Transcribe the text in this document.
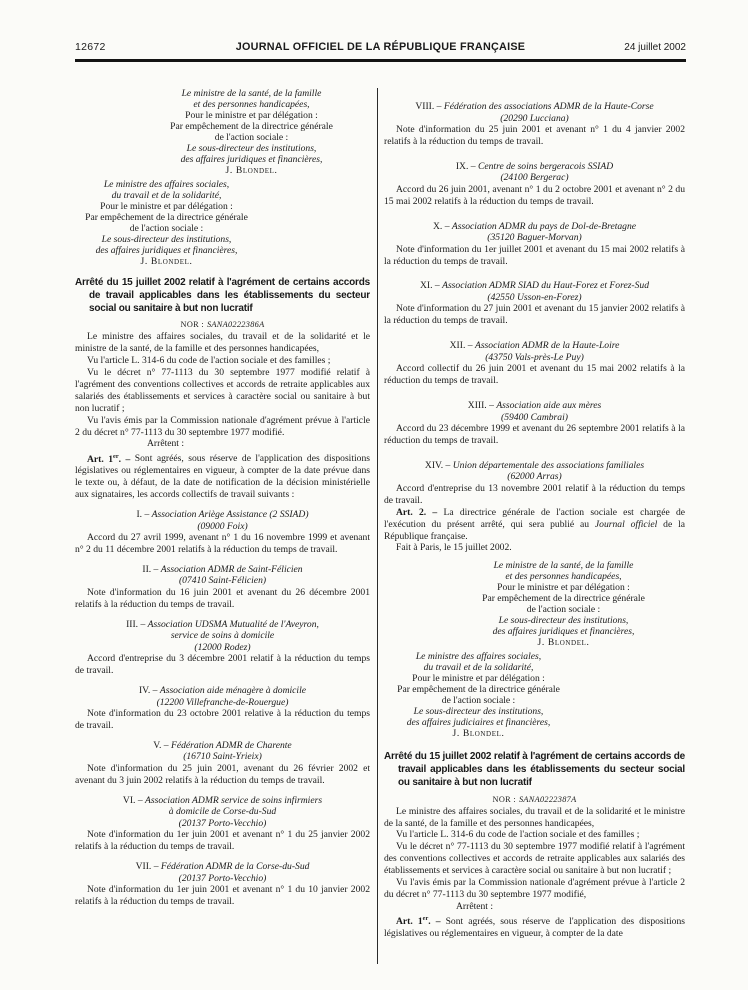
12672	JOURNAL OFFICIEL DE LA RÉPUBLIQUE FRANÇAISE	24 juillet 2002
Le ministre de la santé, de la famille
et des personnes handicapées,
Pour le ministre et par délégation :
Par empêchement de la directrice générale
de l'action sociale :
Le sous-directeur des institutions,
des affaires juridiques et financières,
J. Blondel.
Le ministre des affaires sociales,
du travail et de la solidarité,
Pour le ministre et par délégation :
Par empêchement de la directrice générale
de l'action sociale :
Le sous-directeur des institutions,
des affaires juridiques et financières,
J. Blondel.
Arrêté du 15 juillet 2002 relatif à l'agrément de certains accords de travail applicables dans les établissements du secteur social ou sanitaire à but non lucratif
NOR : SANA0222386A

Le ministre des affaires sociales, du travail et de la solidarité et le ministre de la santé, de la famille et des personnes handicapées,

Vu l'article L. 314-6 du code de l'action sociale et des familles ;

Vu le décret n° 77-1113 du 30 septembre 1977 modifié relatif à l'agrément des conventions collectives et accords de retraite applicables aux salariés des établissements et services à caractère social ou sanitaire à but non lucratif ;

Vu l'avis émis par la Commission nationale d'agrément prévue à l'article 2 du décret n° 77-1113 du 30 septembre 1977 modifié.

Arrêtent :

Art. 1er. – Sont agréés, sous réserve de l'application des dispositions législatives ou réglementaires en vigueur, à compter de la date prévue dans le texte ou, à défaut, de la date de notification de la décision ministérielle aux signataires, les accords collectifs de travail suivants :

I. – Association Ariège Assistance (2 SSIAD)
(09000 Foix)

Accord du 27 avril 1999, avenant n° 1 du 16 novembre 1999 et avenant n° 2 du 11 décembre 2001 relatifs à la réduction du temps de travail.

II. – Association ADMR de Saint-Félicien
(07410 Saint-Félicien)

Note d'information du 16 juin 2001 et avenant du 26 décembre 2001 relatifs à la réduction du temps de travail.

III. – Association UDSMA Mutualité de l'Aveyron,
service de soins à domicile
(12000 Rodez)

Accord d'entreprise du 3 décembre 2001 relatif à la réduction du temps de travail.

IV. – Association aide ménagère à domicile
(12200 Villefranche-de-Rouergue)

Note d'information du 23 octobre 2001 relative à la réduction du temps de travail.

V. – Fédération ADMR de Charente
(16710 Saint-Yrieix)

Note d'information du 25 juin 2001, avenant du 26 février 2002 et avenant du 3 juin 2002 relatifs à la réduction du temps de travail.

VI. – Association ADMR service de soins infirmiers
à domicile de Corse-du-Sud
(20137 Porto-Vecchio)

Note d'information du 1er juin 2001 et avenant n° 1 du 25 janvier 2002 relatifs à la réduction du temps de travail.

VII. – Fédération ADMR de la Corse-du-Sud
(20137 Porto-Vecchio)

Note d'information du 1er juin 2001 et avenant n° 1 du 10 janvier 2002 relatifs à la réduction du temps de travail.

VIII. – Fédération des associations ADMR de la Haute-Corse
(20290 Lucciana)

Note d'information du 25 juin 2001 et avenant n° 1 du 4 janvier 2002 relatifs à la réduction du temps de travail.

IX. – Centre de soins bergeracois SSIAD
(24100 Bergerac)

Accord du 26 juin 2001, avenant n° 1 du 2 octobre 2001 et avenant n° 2 du 15 mai 2002 relatifs à la réduction du temps de travail.

X. – Association ADMR du pays de Dol-de-Bretagne
(35120 Baguer-Morvan)

Note d'information du 1er juillet 2001 et avenant du 15 mai 2002 relatifs à la réduction du temps de travail.

XI. – Association ADMR SIAD du Haut-Forez et Forez-Sud
(42550 Usson-en-Forez)

Note d'information du 27 juin 2001 et avenant du 15 janvier 2002 relatifs à la réduction du temps de travail.

XII. – Association ADMR de la Haute-Loire
(43750 Vals-près-Le Puy)

Accord collectif du 26 juin 2001 et avenant du 15 mai 2002 relatifs à la réduction du temps de travail.

XIII. – Association aide aux mères
(59400 Cambrai)

Accord du 23 décembre 1999 et avenant du 26 septembre 2001 relatifs à la réduction du temps de travail.

XIV. – Union départementale des associations familiales
(62000 Arras)

Accord d'entreprise du 13 novembre 2001 relatif à la réduction du temps de travail.

Art. 2. – La directrice générale de l'action sociale est chargée de l'exécution du présent arrêté, qui sera publié au Journal officiel de la République française.

Fait à Paris, le 15 juillet 2002.

Le ministre de la santé, de la famille
et des personnes handicapées,
Pour le ministre et par délégation :
Par empêchement de la directrice générale
de l'action sociale :
Le sous-directeur des institutions,
des affaires juridiques et financières,
J. Blondel.
Le ministre des affaires sociales,
du travail et de la solidarité,
Pour le ministre et par délégation :
Par empêchement de la directrice générale
de l'action sociale :
Le sous-directeur des institutions,
des affaires judiciaires et financières,
J. Blondel.
Arrêté du 15 juillet 2002 relatif à l'agrément de certains accords de travail applicables dans les établissements du secteur social ou sanitaire à but non lucratif
NOR : SANA0222387A

Le ministre des affaires sociales, du travail et de la solidarité et le ministre de la santé, de la famille et des personnes handicapées,

Vu l'article L. 314-6 du code de l'action sociale et des familles ;

Vu le décret n° 77-1113 du 30 septembre 1977 modifié relatif à l'agrément des conventions collectives et accords de retraite applicables aux salariés des établissements et services à caractère social ou sanitaire à but non lucratif ;

Vu l'avis émis par la Commission nationale d'agrément prévue à l'article 2 du décret n° 77-1113 du 30 septembre 1977 modifié,

Arrêtent :

Art. 1er. – Sont agréés, sous réserve de l'application des dispositions législatives ou réglementaires en vigueur, à compter de la date
